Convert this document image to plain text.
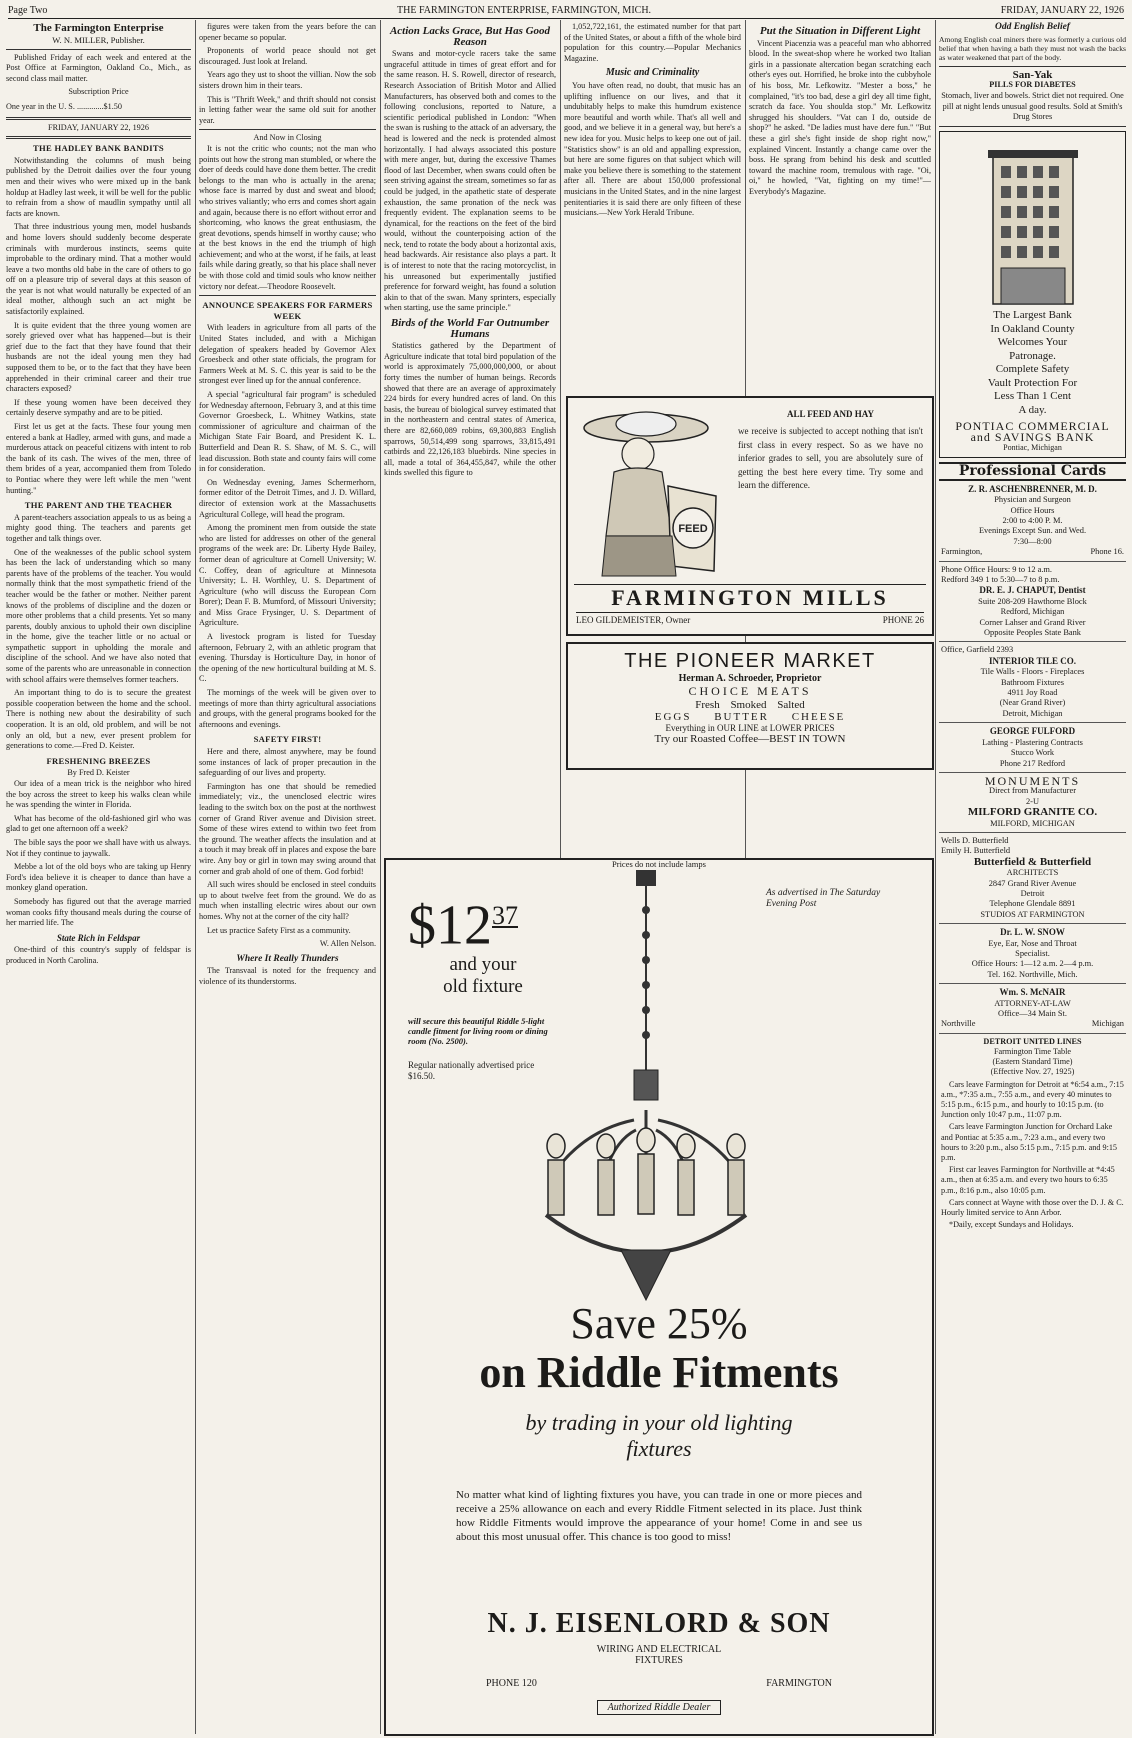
Page Two	THE FARMINGTON ENTERPRISE, FARMINGTON, MICH.	FRIDAY, JANUARY 22, 1926
The Farmington Enterprise
W. N. MILLER, Publisher.

Published Friday of each week and entered at the Post Office at Farmington, Oakland Co., Mich., as second class mail matter.

Subscription Price
One year in the U. S. .............$1.50
FRIDAY, JANUARY 22, 1926
THE HADLEY BANK BANDITS

Notwithstanding the columns of mush being published by the Detroit dailies over the four young men and their wives who were mixed up in the bank holdup at Hadley last week, it will be well for the public to refrain from a show of maudlin sympathy until all facts are known.

That three industrious young men, model husbands and home lovers should suddenly become desperate criminals with murderous instincts, seems quite improbable to the ordinary mind. That a mother would leave a two months old babe in the care of others to go off on a pleasure trip of several days at this season of the year is not what would naturally be expected of an ideal mother, although such an act might be satisfactorily explained.

It is quite evident that the three young women are sorely grieved over what has happened—but is their grief due to the fact that they have found that their husbands are not the ideal young men they had supposed them to be, or to the fact that they have been apprehended in their criminal career and their true characters exposed?

If these young women have been deceived they certainly deserve sympathy and are to be pitied.

First let us get at the facts. These four young men entered a bank at Hadley, armed with guns, and made a murderous attack on peaceful citizens with intent to rob the bank of its cash. The wives of the men, three of them brides of a year, accompanied them from Toledo to Pontiac where they were left while the men "went hunting."

THE PARENT AND THE TEACHER

A parent-teachers association appeals to us as being a mighty good thing. The teachers and parents get together and talk things over.

One of the weaknesses of the public school system has been the lack of understanding which so many parents have of the problems of the teacher. You would normally think that the most sympathetic friend of the teacher would be the father or mother. Neither parent knows of the problems of discipline and the dozen or more other problems that a child presents. Yet so many parents, doubly anxious to uphold their own discipline in the home, give the teacher little or no actual or sympathetic support in upholding the morale and discipline of the school. And we have also noted that some of the parents who are unreasonable in connection with school affairs were themselves former teachers.

An important thing to do is to secure the greatest possible cooperation between the home and the school. There is nothing new about the desirability of such cooperation. It is an old, old problem, and will be not only an old, but a new, ever present problem for generations to come.—Fred D. Keister.

FRESHENING BREEZES
By Fred D. Keister

Our idea of a mean trick is the neighbor who hired the boy across the street to keep his walks clean while he was spending the winter in Florida.

What has become of the old-fashioned girl who was glad to get one afternoon off a week?

The bible says the poor we shall have with us always. Not if they continue to jaywalk.

Mebbe a lot of the old boys who are taking up Henry Ford's idea believe it is cheaper to dance than have a monkey gland operation.

Somebody has figured out that the average married woman cooks fifty thousand meals during the course of her married life. The

State Rich in Feldspar

One-third of this country's supply of feldspar is produced in North Carolina.

figures were taken from the years before the can opener became so popular.

Proponents of world peace should not get discouraged. Just look at Ireland.

Years ago they ust to shoot the villian. Now the sob sisters drown him in their tears.

This is "Thrift Week," and thrift should not consist in letting father wear the same old suit for another year.

And Now in Closing

It is not the critic who counts; not the man who points out how the strong man stumbled, or where the doer of deeds could have done them better. The credit belongs to the man who is actually in the arena; whose face is marred by dust and sweat and blood; who strives valiantly; who errs and comes short again and again, because there is no effort without error and shortcoming, who knows the great enthusiasm, the great devotions, spends himself in worthy cause; who at the best knows in the end the triumph of high achievement; and who at the worst, if he fails, at least fails while daring greatly, so that his place shall never be with those cold and timid souls who know neither victory nor defeat.—Theodore Roosevelt.

ANNOUNCE SPEAKERS FOR FARMERS WEEK

With leaders in agriculture from all parts of the United States included, and with a Michigan delegation of speakers headed by Governor Alex Groesbeck and other state officials, the program for Farmers Week at M. S. C. this year is said to be the strongest ever lined up for the annual conference.

A special "agricultural fair program" is scheduled for Wednesday afternoon, February 3, and at this time Governor Groesbeck, L. Whitney Watkins, state commissioner of agriculture and chairman of the Michigan State Fair Board, and President K. L. Butterfield and Dean R. S. Shaw, of M. S. C., will lead discussion. Both state and county fairs will come in for consideration.

On Wednesday evening, James Schermerhorn, former editor of the Detroit Times, and J. D. Willard, director of extension work at the Massachusetts Agricultural College, will head the program.

Among the prominent men from outside the state who are listed for addresses on other of the general programs of the week are: Dr. Liberty Hyde Bailey, former dean of agriculture at Cornell University; W. C. Coffey, dean of agriculture at Minnesota University; L. H. Worthley, U. S. Department of Agriculture (who will discuss the European Corn Borer); Dean F. B. Mumford, of Missouri University; and Miss Grace Frysinger, U. S. Department of Agriculture.

A livestock program is listed for Tuesday afternoon, February 2, with an athletic program that evening. Thursday is Horticulture Day, in honor of the opening of the new horticultural building at M. S. C.

The mornings of the week will be given over to meetings of more than thirty agricultural associations and groups, with the general programs booked for the afternoons and evenings.

SAFETY FIRST!

Here and there, almost anywhere, may be found some instances of lack of proper precaution in the safeguarding of our lives and property.

Farmington has one that should be remedied immediately; viz., the unenclosed electric wires leading to the switch box on the post at the northwest corner of Grand River avenue and Division street. Some of these wires extend to within two feet from the ground. The weather affects the insulation and at a touch it may break off in places and expose the bare wire. Any boy or girl in town may swing around that corner and grab ahold of one of them. God forbid!

All such wires should be enclosed in steel conduits up to about twelve feet from the ground. We do as much when installing electric wires about our own homes. Why not at the corner of the city hall?

Let us practice Safety First as a community.

W. Allen Nelson.
Where It Really Thunders

The Transvaal is noted for the frequency and violence of its thunderstorms.

Action Lacks Grace, But Has Good Reason

Swans and motor-cycle racers take the same ungraceful attitude in times of great effort and for the same reason. H. S. Rowell, director of research, Research Association of British Motor and Allied Manufacturers, has observed both and comes to the following conclusions, reported to Nature, a scientific periodical published in London: "When the swan is rushing to the attack of an adversary, the head is lowered and the neck is protended almost horizontally. I had always associated this posture with mere anger, but, during the excessive Thames flood of last December, when swans could often be seen striving against the stream, sometimes so far as could be judged, in the apathetic state of desperate exhaustion, the same pronation of the neck was frequently evident. The explanation seems to be dynamical, for the reactions on the feet of the bird would, without the counterpoising action of the neck, tend to rotate the body about a horizontal axis, head backwards. Air resistance also plays a part. It is of interest to note that the racing motorcyclist, in his unreasoned but experimentally justified preference for forward weight, has found a solution akin to that of the swan. Many sprinters, especially when starting, use the same principle."

Birds of the World Far Outnumber Humans

Statistics gathered by the Department of Agriculture indicate that total bird population of the world is approximately 75,000,000,000, or about forty times the number of human beings. Records showed that there are an average of approximately 224 birds for every hundred acres of land. On this basis, the bureau of biological survey estimated that in the northeastern and central states of America, there are 82,660,089 robins, 69,300,883 English sparrows, 50,514,499 song sparrows, 33,815,491 catbirds and 22,126,183 bluebirds. Nine species in all, made a total of 364,455,847, while the other kinds swelled this figure to

1,052,722,161, the estimated number for that part of the United States, or about a fifth of the whole bird population for this country.—Popular Mechanics Magazine.

Music and Criminality

You have often read, no doubt, that music has an uplifting influence on our lives, and that it undubitably helps to make this humdrum existence more beautiful and worth while. That's all well and good, and we believe it in a general way, but here's a new idea for you. Music helps to keep one out of jail. "Statistics show" is an old and appalling expression, but here are some figures on that subject which will make you believe there is something to the statement after all. There are about 150,000 professional musicians in the United States, and in the nine largest penitentiaries it is said there are only fifteen of these musicians.—New York Herald Tribune.

Put the Situation in Different Light

Vincent Piacenzia was a peaceful man who abhorred blood. In the sweat-shop where he worked two Italian girls in a passionate altercation began scratching each other's eyes out. Horrified, he broke into the cubbyhole of his boss, Mr. Lefkowitz. "Mester a boss," he complained, "it's too bad, dese a girl dey all time fight, scratch da face. You shoulda stop." Mr. Lefkowitz shrugged his shoulders. "Vat can I do, outside de shop?" he asked. "De ladies must have dere fun." "But these a girl she's fight inside de shop right now," explained Vincent. Instantly a change came over the boss. He sprang from behind his desk and scuttled toward the machine room, tremulous with rage. "Oi, oi," he howled, "Vat, fighting on my time!"—Everybody's Magazine.

FEED
ALL FEED AND HAY
we receive is subjected to accept nothing that isn't first class in every respect. So as we have no inferior grades to sell, you are absolutely sure of getting the best here every time. Try some and learn the difference.
FARMINGTON MILLS
LEO GILDEMEISTER, Owner	PHONE 26
THE PIONEER MARKET
Herman A. Schroeder, Proprietor
CHOICE MEATS
Fresh Smoked Salted
EGGS BUTTER CHEESE
Everything in OUR LINE at LOWER PRICES
Try our Roasted Coffee—BEST IN TOWN
Prices do not include lamps
$\$12^{37}$
and your
old fixture
will secure this beautiful Riddle 5-light candle fitment for living room or dining room (No. 2500).
Regular nationally advertised price $16.50.
As advertised in The Saturday Evening Post
Save 25%
on Riddle Fitments
by trading in your old lighting fixtures
No matter what kind of lighting fixtures you have, you can trade in one or more pieces and receive a 25% allowance on each and every Riddle Fitment selected in its place. Just think how Riddle Fitments would improve the appearance of your home! Come in and see us about this most unusual offer. This chance is too good to miss!
N. J. EISENLORD & SON
WIRING AND ELECTRICAL FIXTURES
PHONE 120	FARMINGTON
Authorized Riddle Dealer
Odd English Belief
Among English coal miners there was formerly a curious old belief that when having a bath they must not wash the backs as water weakened that part of the body.
San-Yak
PILLS FOR DIABETES
Stomach, liver and bowels. Strict diet not required. One pill at night lends unusual good results. Sold at Smith's Drug Stores
The Largest Bank
In Oakland County
Welcomes Your
Patronage.
Complete Safety
Vault Protection For
Less Than 1 Cent
A day.
PONTIAC COMMERCIAL and SAVINGS BANK
Pontiac, Michigan
Professional Cards
Z. R. ASCHENBRENNER, M. D.
Physician and Surgeon
Office Hours
2:00 to 4:00 P. M.
Evenings Except Sun. and Wed.
7:30—8:00
Farmington,	Phone 16.
Phone Office Hours: 9 to 12 a.m.
Redford 349 1 to 5:30—7 to 8 p.m.
DR. E. J. CHAPUT, Dentist
Suite 208-209 Hawthorne Block
Redford, Michigan
Corner Lahser and Grand River
Opposite Peoples State Bank
Office, Garfield 2393
INTERIOR TILE CO.
Tile Walls - Floors - Fireplaces
Bathroom Fixtures
4911 Joy Road
(Near Grand River)
Detroit, Michigan
GEORGE FULFORD
Lathing - Plastering Contracts
Stucco Work
Phone 217 Redford
MONUMENTS
Direct from Manufacturer
2-U
MILFORD GRANITE CO.
MILFORD, MICHIGAN
Wells D. Butterfield
Emily H. Butterfield
Butterfield & Butterfield
ARCHITECTS
2847 Grand River Avenue
Detroit
Telephone Glendale 8891
STUDIOS AT FARMINGTON
Dr. L. W. SNOW
Eye, Ear, Nose and Throat
Specialist.
Office Hours: 1—12 a.m. 2—4 p.m.
Tel. 162. Northville, Mich.
Wm. S. McNAIR
ATTORNEY-AT-LAW
Office—34 Main St.
Northville	Michigan
DETROIT UNITED LINES
Farmington Time Table
(Eastern Standard Time)
(Effective Nov. 27, 1925)

Cars leave Farmington for Detroit at *6:54 a.m., 7:15 a.m., *7:35 a.m., 7:55 a.m., and every 40 minutes to 5:15 p.m., 6:15 p.m., and hourly to 10:15 p.m. (to Junction only 10:47 p.m., 11:07 p.m.

Cars leave Farmington Junction for Orchard Lake and Pontiac at 5:35 a.m., 7:23 a.m., and every two hours to 3:20 p.m., also 5:15 p.m., 7:15 p.m. and 9:15 p.m.

First car leaves Farmington for Northville at *4:45 a.m., then at 6:35 a.m. and every two hours to 6:35 p.m., 8:16 p.m., also 10:05 p.m.

Cars connect at Wayne with those over the D. J. & C. Hourly limited service to Ann Arbor.

*Daily, except Sundays and Holidays.
